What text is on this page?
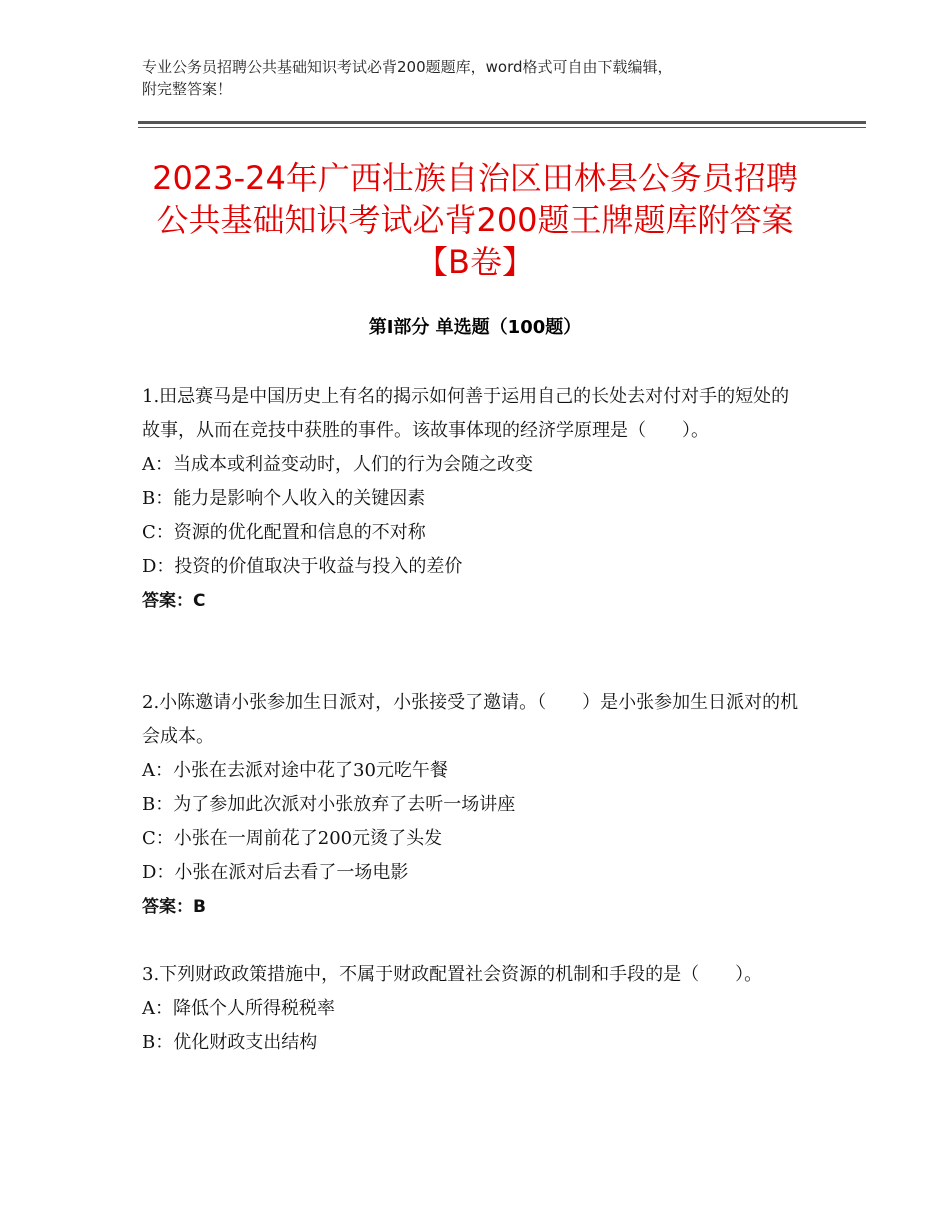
专业公务员招聘公共基础知识考试必背200题题库，word格式可自由下载编辑，
附完整答案！
2023-24年广西壮族自治区田林县公务员招聘公共基础知识考试必背200题王牌题库附答案【B卷】
第Ⅰ部分 单选题（100题）

1.田忌赛马是中国历史上有名的揭示如何善于运用自己的长处去对付对手的短处的故事，从而在竞技中获胜的事件。该故事体现的经济学原理是（　　）。

A：当成本或利益变动时，人们的行为会随之改变

B：能力是影响个人收入的关键因素

C：资源的优化配置和信息的不对称

D：投资的价值取决于收益与投入的差价

答案：C

2.小陈邀请小张参加生日派对，小张接受了邀请。（　　）是小张参加生日派对的机会成本。

A：小张在去派对途中花了30元吃午餐

B：为了参加此次派对小张放弃了去听一场讲座

C：小张在一周前花了200元烫了头发

D：小张在派对后去看了一场电影

答案：B

3.下列财政政策措施中，不属于财政配置社会资源的机制和手段的是（　　）。

A：降低个人所得税税率

B：优化财政支出结构
